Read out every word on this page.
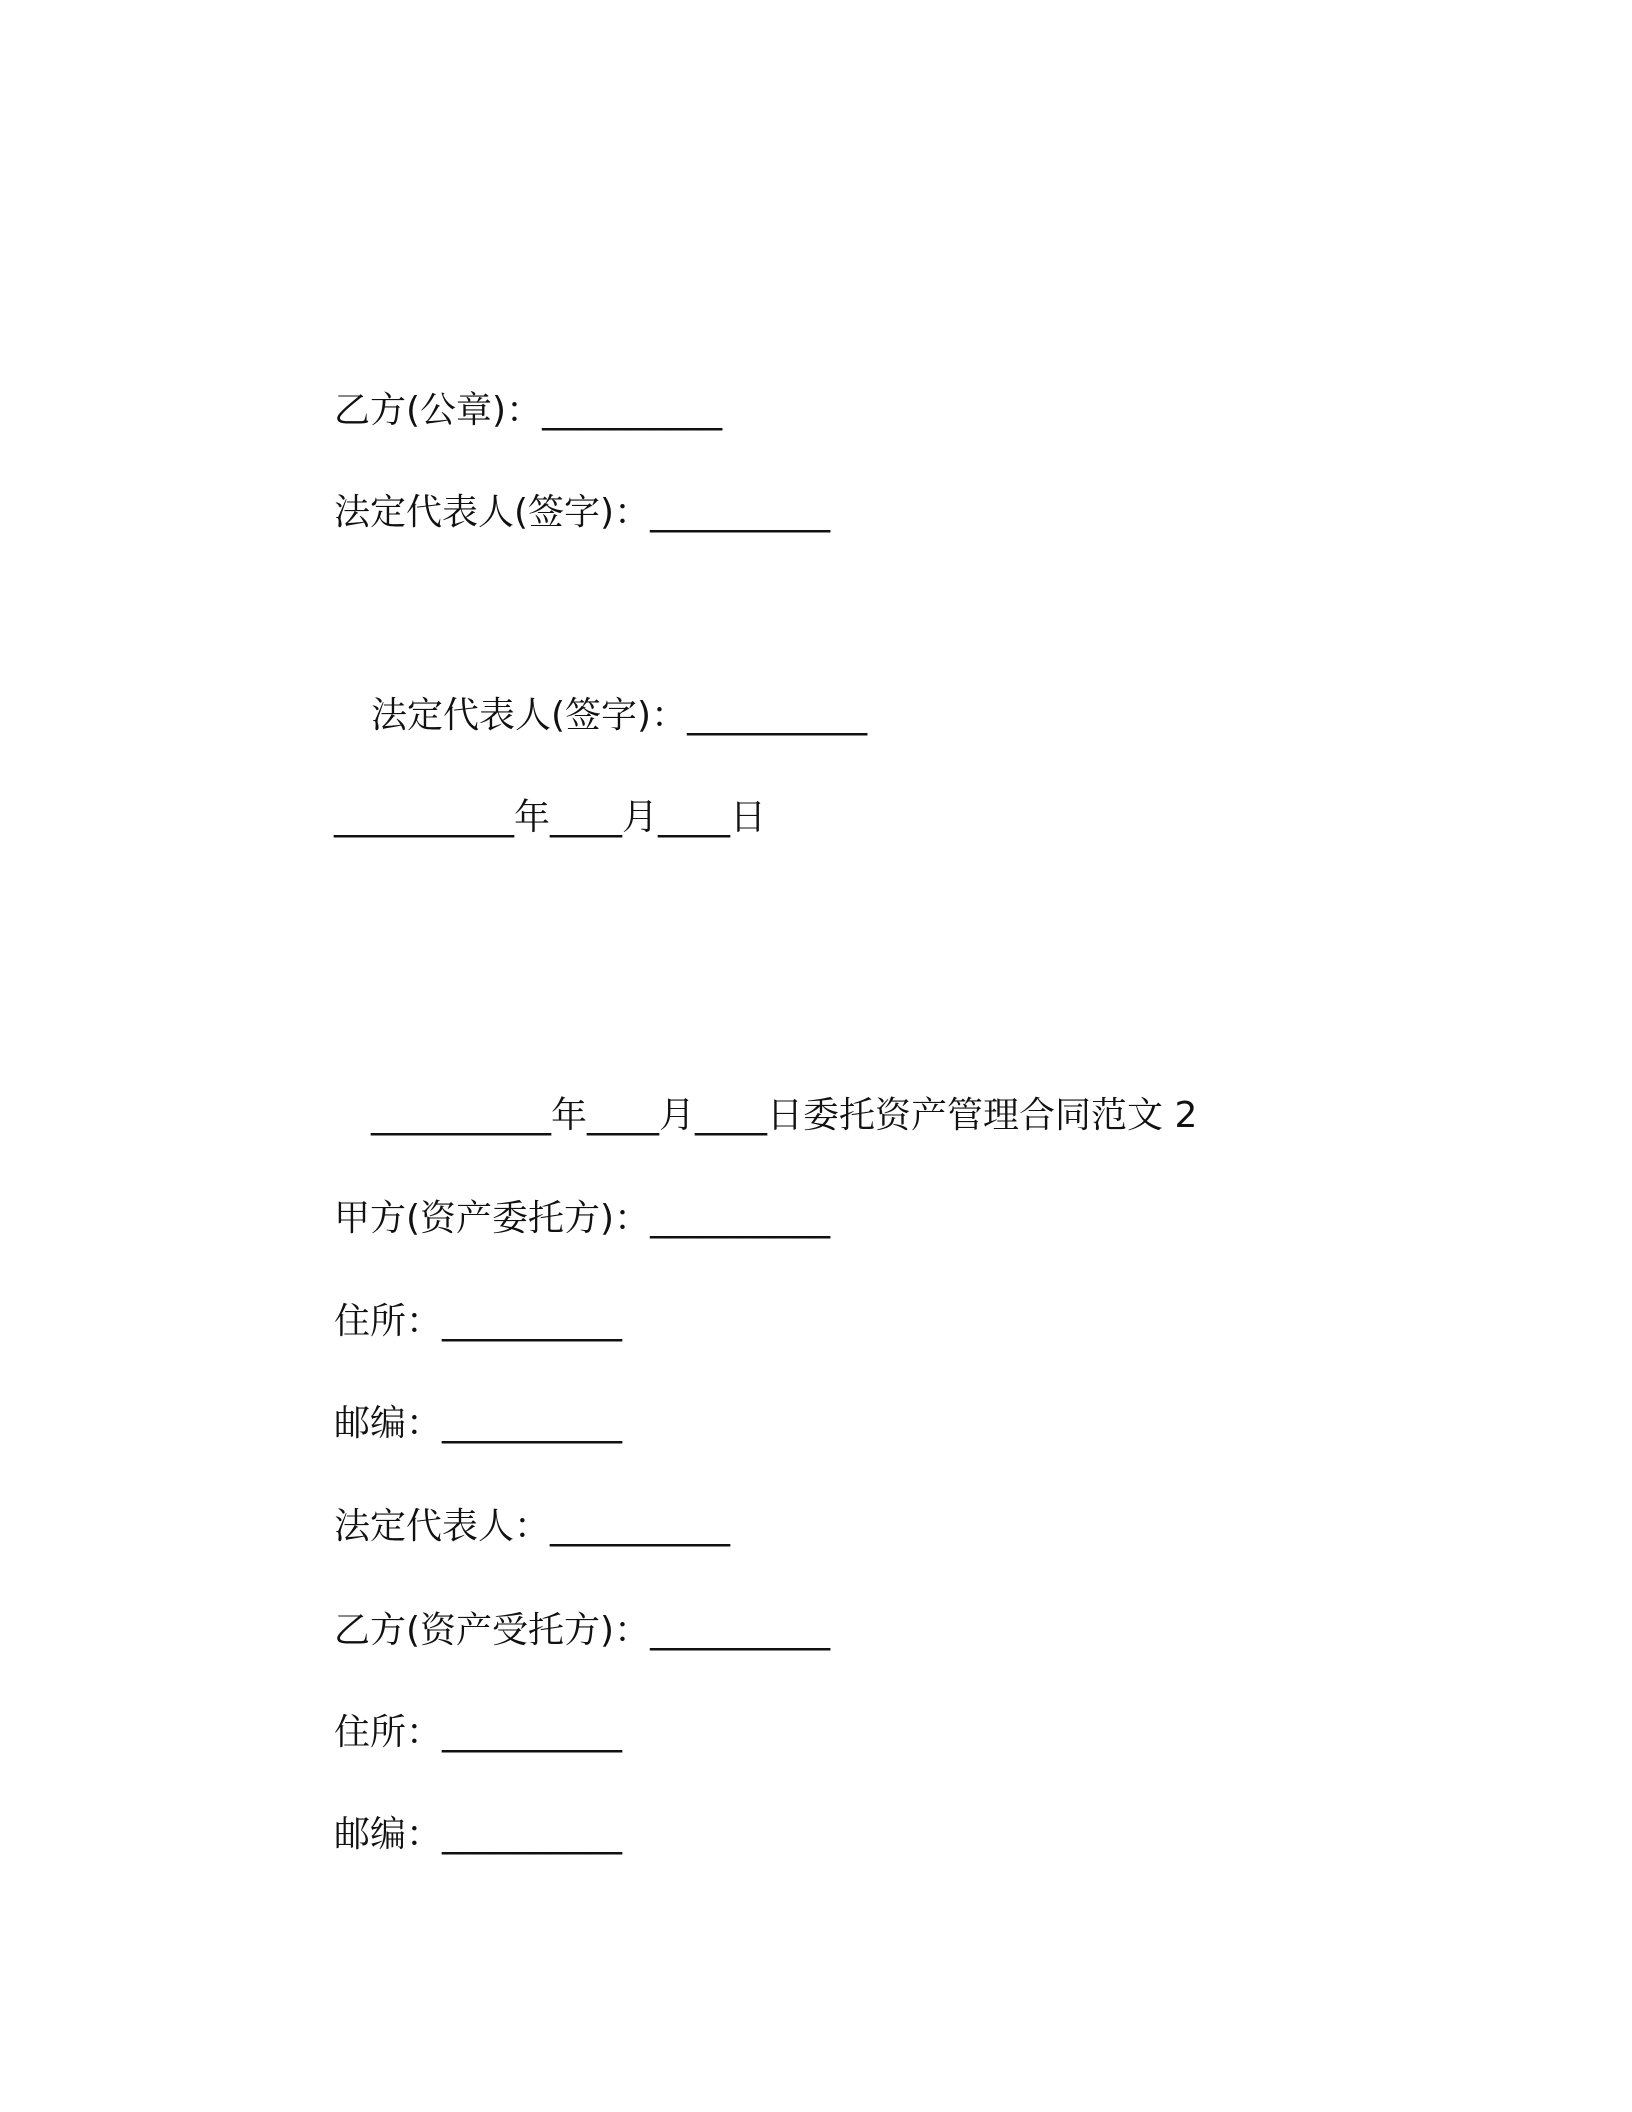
乙方(公章)：__________
法定代表人(签字)：__________
法定代表人(签字)：__________
__________年____月____日
__________年____月____日委托资产管理合同范文 2
甲方(资产委托方)：__________
住所：__________
邮编：__________
法定代表人：__________
乙方(资产受托方)：__________
住所：__________
邮编：__________
